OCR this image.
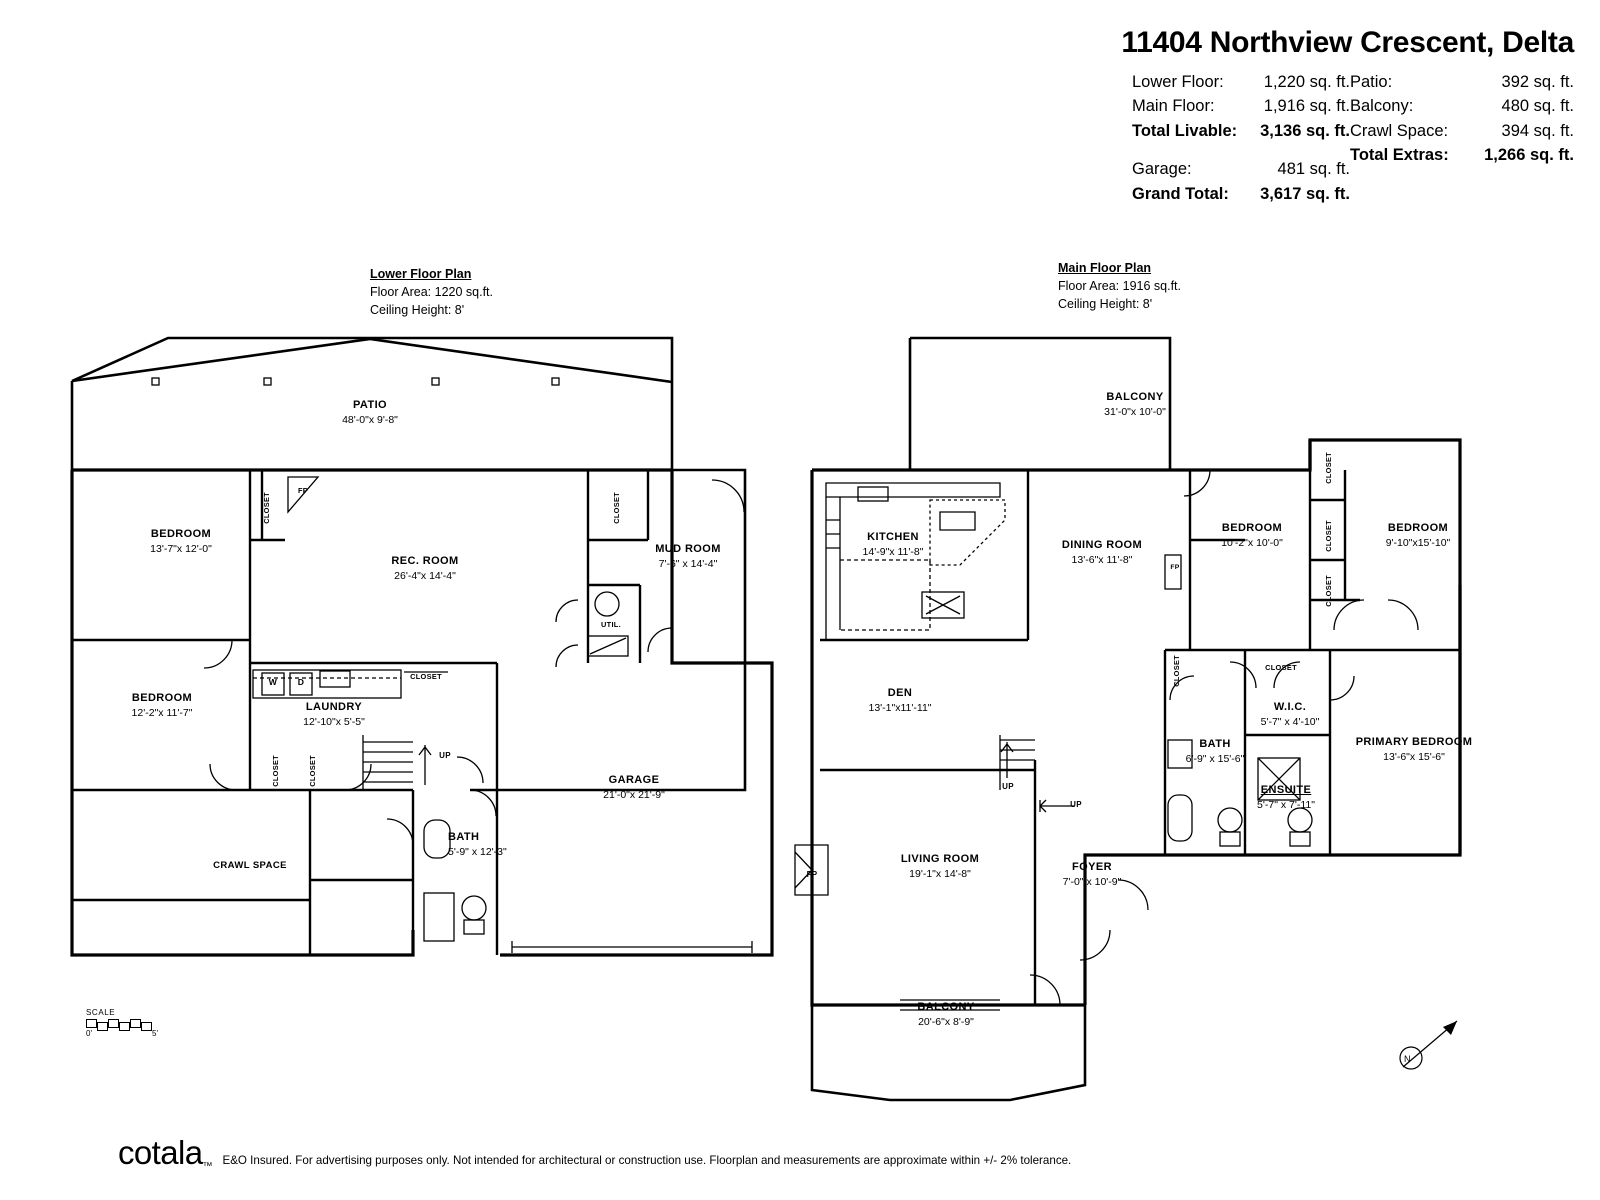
11404 Northview Crescent, Delta
Lower Floor:	1,220 sq. ft.
Main Floor:	1,916 sq. ft.
Total Livable:	3,136 sq. ft.
Garage:	481 sq. ft.
Grand Total:	3,617 sq. ft.
Patio:	392 sq. ft.
Balcony:	480 sq. ft.
Crawl Space:	394 sq. ft.
Total Extras:	1,266 sq. ft.
Lower Floor Plan
Floor Area: 1220 sq.ft.
Ceiling Height: 8'
Main Floor Plan
Floor Area: 1916 sq.ft.
Ceiling Height: 8'
PATIO
48'-0"x 9'-8"
BEDROOM
13'-7"x 12'-0"
REC. ROOM
26'-4"x 14'-4"
MUD ROOM
7'-6" x 14'-4"
BEDROOM
12'-2"x 11'-7"	LAUNDRY
12'-10"x 5'-5"
CRAWL SPACE
GARAGE
21'-0"x 21'-9"
BATH
5'-9" x 12'-3"
CLOSET
FP
CLOSET
UTIL.
W	D
CLOSET
CLOSET	CLOSET	UP
BALCONY
31'-0"x 10'-0"
KITCHEN
14'-9"x 11'-8"
DINING ROOM
13'-6"x 11'-8"
BEDROOM
10'-2"x 10'-0"
BEDROOM
9'-10"x15'-10"
DEN
13'-1"x11'-11"	W.I.C.
5'-7" x 4'-10"
BATH
6'-9" x 15'-6"
PRIMARY BEDROOM
13'-6"x 15'-6"
ENSUITE
5'-7" x 7'-11"
LIVING ROOM
19'-1"x 14'-8"
FOYER
7'-0" x 10'-9"
BALCONY
20'-6"x 8'-9"
CLOSET
CLOSET
CLOSET
CLOSET	CLOSET
FP
FP
UP
UP
SCALE
0'	5'
N
cotala™ E&O Insured. For advertising purposes only. Not intended for architectural or construction use. Floorplan and measurements are approximate within +/- 2% tolerance.
